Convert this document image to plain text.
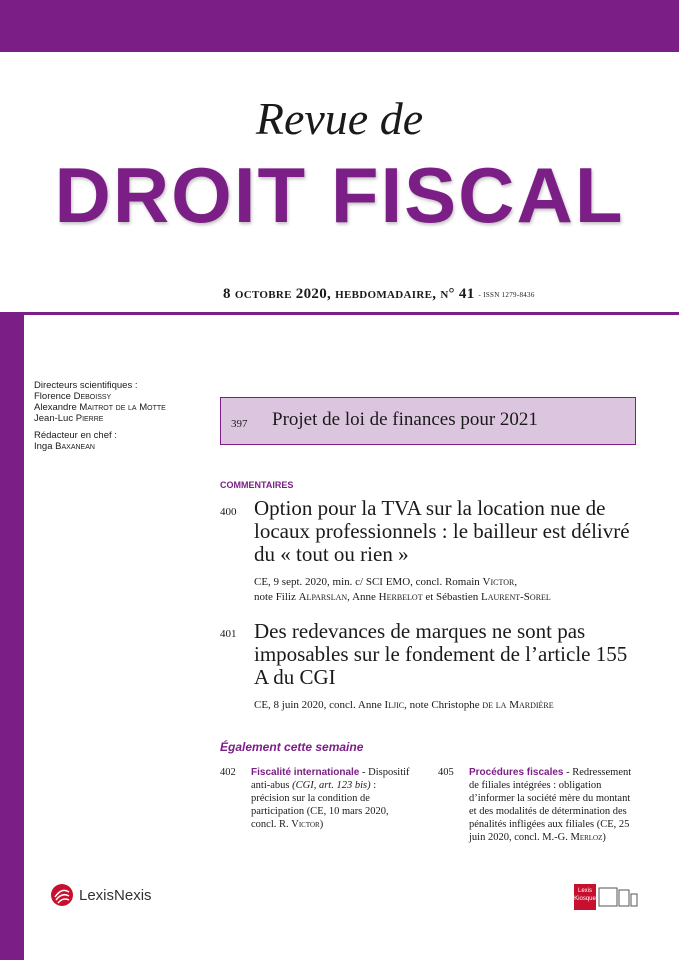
Revue de
DROIT FISCAL
8 octobre 2020, hebdomadaire, n° 41 - ISSN 1279-8436
Directeurs scientifiques :
Florence Deboissy
Alexandre Maitrot de la Motte
Jean-Luc Pierre
Rédacteur en chef :
Inga Baxanean
397 Projet de loi de finances pour 2021
COMMENTAIRES
400 Option pour la TVA sur la location nue de locaux professionnels : le bailleur est délivré du « tout ou rien »
CE, 9 sept. 2020, min. c/ SCI EMO, concl. Romain Victor,
note Filiz Alparslan, Anne Herbelot et Sébastien Laurent-Sorel
401 Des redevances de marques ne sont pas imposables sur le fondement de l’article 155 A du CGI
CE, 8 juin 2020, concl. Anne Iljic, note Christophe de la Mardière
Également cette semaine
402 Fiscalité internationale - Dispositif anti-abus (CGI, art. 123 bis) : précision sur la condition de participation (CE, 10 mars 2020, concl. R. Victor)
405 Procédures fiscales - Redressement de filiales intégrées : obligation d’informer la société mère du montant et des modalités de détermination des pénalités infligées aux filiales (CE, 25 juin 2020, concl. M.-G. Merloz)
LexisNexis	Lexis Kiosque
